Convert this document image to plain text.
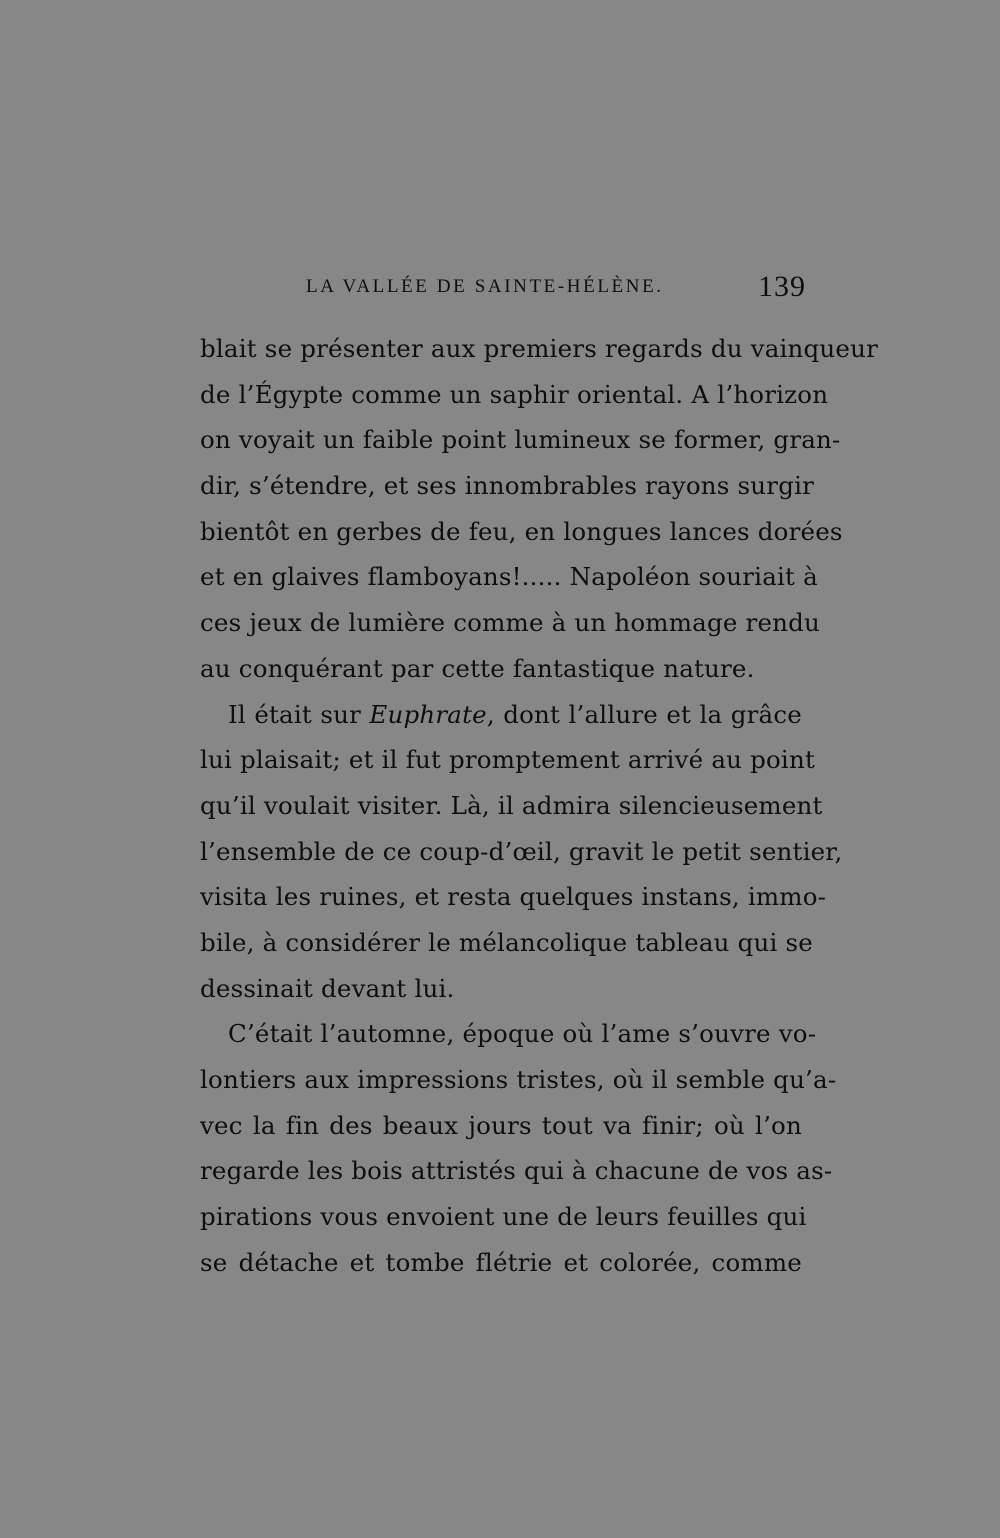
LA VALLÉE DE SAINTE-HÉLÈNE.	139
blait se présenter aux premiers regards du vainqueur
de l’Égypte comme un saphir oriental. A l’horizon
on voyait un faible point lumineux se former, gran-
dir, s’étendre, et ses innombrables rayons surgir
bientôt en gerbes de feu, en longues lances dorées
et en glaives flamboyans!..... Napoléon souriait à
ces jeux de lumière comme à un hommage rendu
au conquérant par cette fantastique nature.
Il était sur Euphrate, dont l’allure et la grâce
lui plaisait; et il fut promptement arrivé au point
qu’il voulait visiter. Là, il admira silencieusement
l’ensemble de ce coup-d’œil, gravit le petit sentier,
visita les ruines, et resta quelques instans, immo-
bile, à considérer le mélancolique tableau qui se
dessinait devant lui.
C’était l’automne, époque où l’ame s’ouvre vo-
lontiers aux impressions tristes, où il semble qu’a-
vec la fin des beaux jours tout va finir; où l’on
regarde les bois attristés qui à chacune de vos as-
pirations vous envoient une de leurs feuilles qui
se détache et tombe flétrie et colorée, comme
